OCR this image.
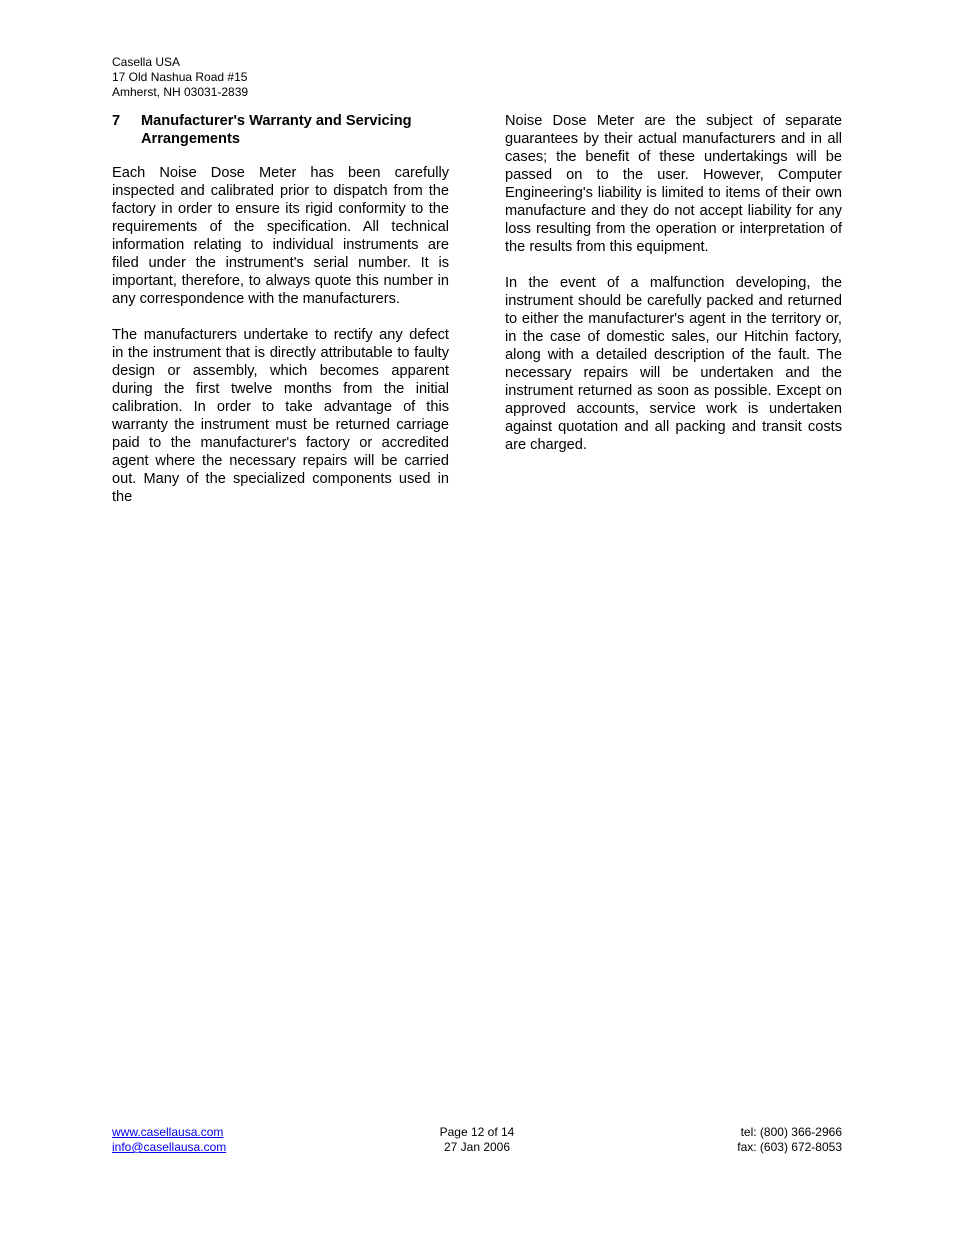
Casella USA
17 Old Nashua Road #15
Amherst, NH 03031-2839
7	Manufacturer's Warranty and Servicing Arrangements

Each Noise Dose Meter has been carefully inspected and calibrated prior to dispatch from the factory in order to ensure its rigid conformity to the requirements of the specification. All technical information relating to individual instruments are filed under the instrument's serial number. It is important, therefore, to always quote this number in any correspondence with the manufacturers.

The manufacturers undertake to rectify any defect in the instrument that is directly attributable to faulty design or assembly, which becomes apparent during the first twelve months from the initial calibration. In order to take advantage of this warranty the instrument must be returned carriage paid to the manufacturer's factory or accredited agent where the necessary repairs will be carried out. Many of the specialized components used in the

Noise Dose Meter are the subject of separate guarantees by their actual manufacturers and in all cases; the benefit of these undertakings will be passed on to the user. However, Computer Engineering's liability is limited to items of their own manufacture and they do not accept liability for any loss resulting from the operation or interpretation of the results from this equipment.

In the event of a malfunction developing, the instrument should be carefully packed and returned to either the manufacturer's agent in the territory or, in the case of domestic sales, our Hitchin factory, along with a detailed description of the fault. The necessary repairs will be undertaken and the instrument returned as soon as possible. Except on approved accounts, service work is undertaken against quotation and all packing and transit costs are charged.

www.casellausa.com
info@casellausa.com
Page 12 of 14
27 Jan 2006
tel: (800) 366-2966
fax: (603) 672-8053
